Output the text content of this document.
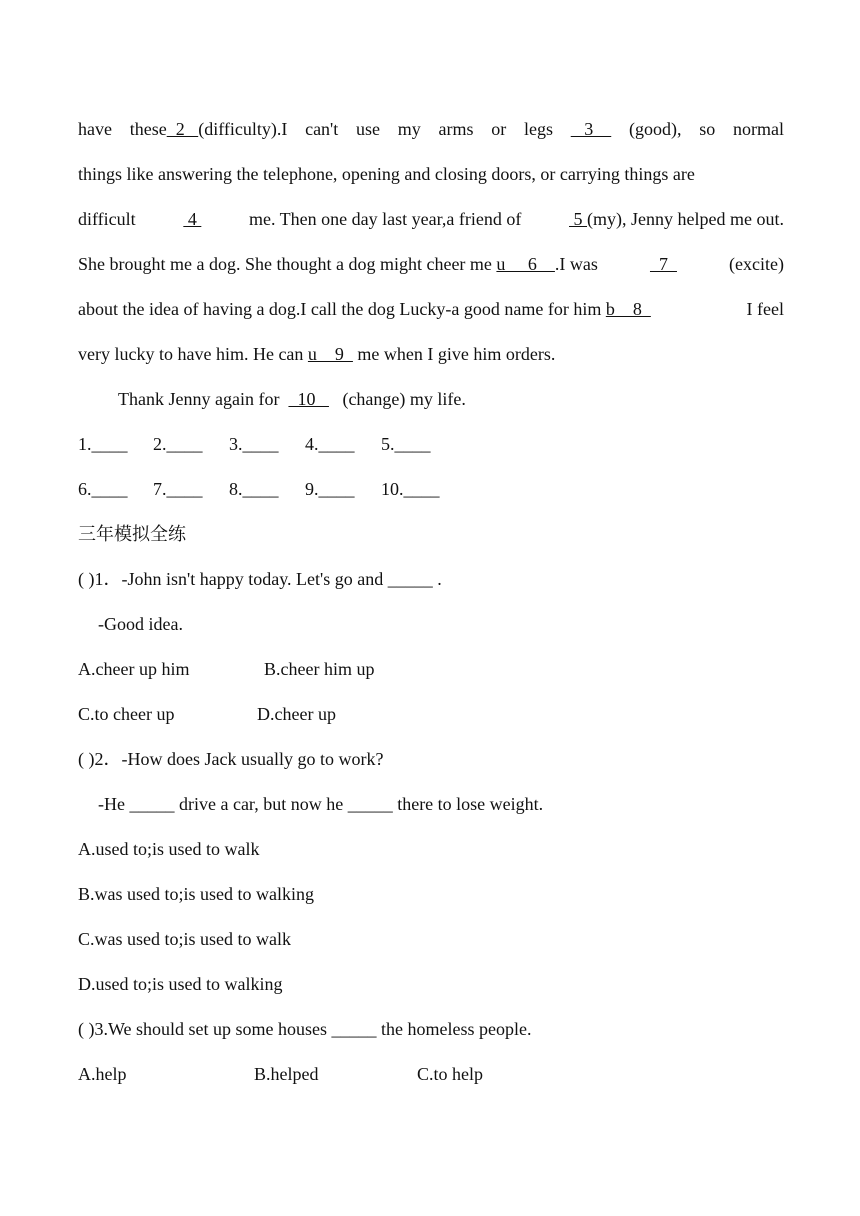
have these  2   (difficulty).I can't use my arms or legs 3 (good), so normal
things like answering the telephone, opening and closing doors, or carrying things are
difficult	4	me. Then one day last year,a friend of	5 (my), Jenny helped me out.
She brought me a dog. She thought a dog might cheer me u     6    .I was	7	(excite)
about the idea of having a dog.I call the dog Lucky-a good name for him b    8	I feel
very lucky to have him. He can u    9   me when I give him orders.
Thank Jenny again for    10      (change) my life.
1.____ 2.____ 3.____ 4.____ 5.____
6.____ 7.____ 8.____ 9.____ 10.____
三年模拟全练
( )1．-John isn't happy today. Let's go and _____ .
-Good idea.
A.cheer up him	B.cheer him up
C.to cheer up	D.cheer up
( )2．-How does Jack usually go to work?
-He _____ drive a car, but now he _____ there to lose weight.
A.used to;is used to walk
B.was used to;is used to walking
C.was used to;is used to walk
D.used to;is used to walking
( )3.We should set up some houses _____ the homeless people.
A.help	B.helped	C.to help
